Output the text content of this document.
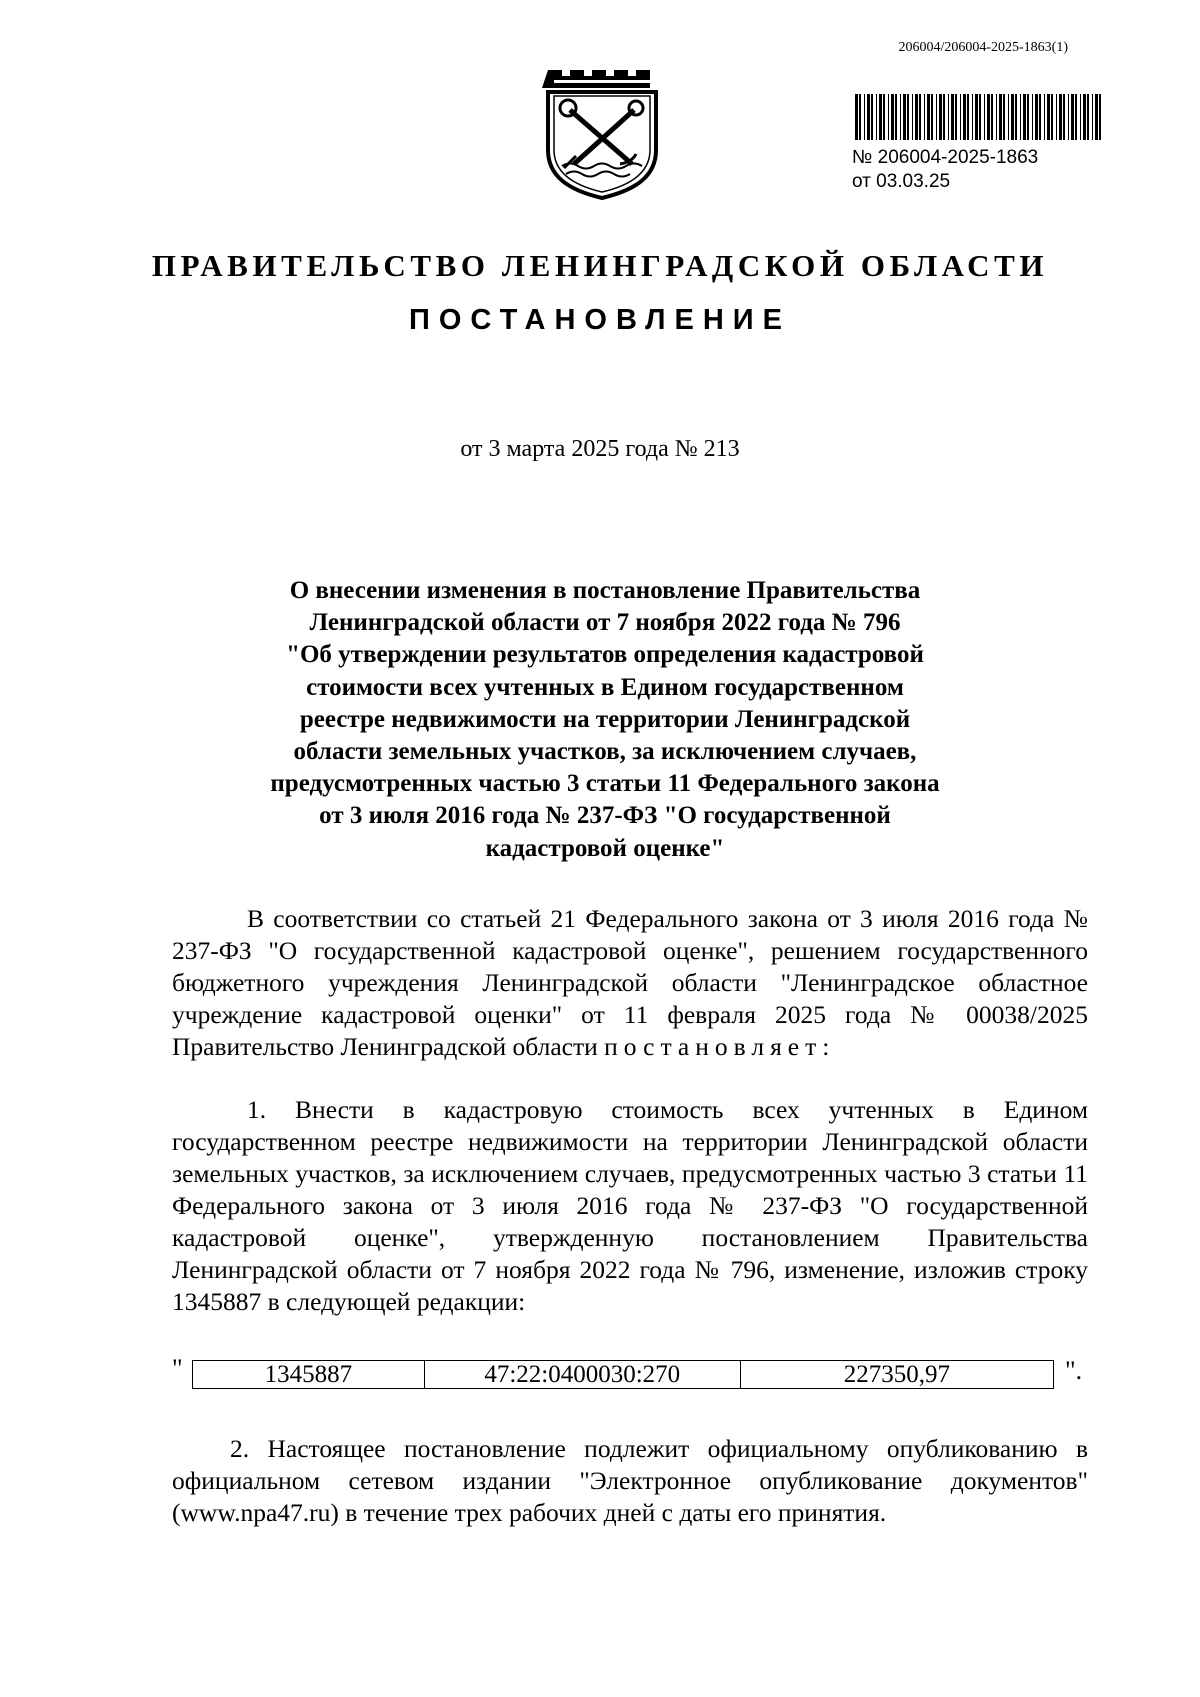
206004/206004-2025-1863(1)
№ 206004-2025-1863
от 03.03.25
ПРАВИТЕЛЬСТВО ЛЕНИНГРАДСКОЙ ОБЛАСТИ
ПОСТАНОВЛЕНИЕ
от 3 марта 2025 года № 213
О внесении изменения в постановление Правительства
Ленинградской области от 7 ноября 2022 года № 796
"Об утверждении результатов определения кадастровой
стоимости всех учтенных в Едином государственном
реестре недвижимости на территории Ленинградской
области земельных участков, за исключением случаев,
предусмотренных частью 3 статьи 11 Федерального закона
от 3 июля 2016 года № 237-ФЗ "О государственной
кадастровой оценке"
В соответствии со статьей 21 Федерального закона от 3 июля 2016 года № 237-ФЗ "О государственной кадастровой оценке", решением государственного бюджетного учреждения Ленинградской области "Ленинградское областное учреждение кадастровой оценки" от 11 февраля 2025 года № 00038/2025 Правительство Ленинградской области постановляет:
1. Внести в кадастровую стоимость всех учтенных в Едином государственном реестре недвижимости на территории Ленинградской области земельных участков, за исключением случаев, предусмотренных частью 3 статьи 11 Федерального закона от 3 июля 2016 года № 237-ФЗ "О государственной кадастровой оценке", утвержденную постановлением Правительства Ленинградской области от 7 ноября 2022 года № 796, изменение, изложив строку 1345887 в следующей редакции:
"	1345887	47:22:0400030:270	227350,97	".
2. Настоящее постановление подлежит официальному опубликованию в официальном сетевом издании "Электронное опубликование документов" (www.npa47.ru) в течение трех рабочих дней с даты его принятия.
